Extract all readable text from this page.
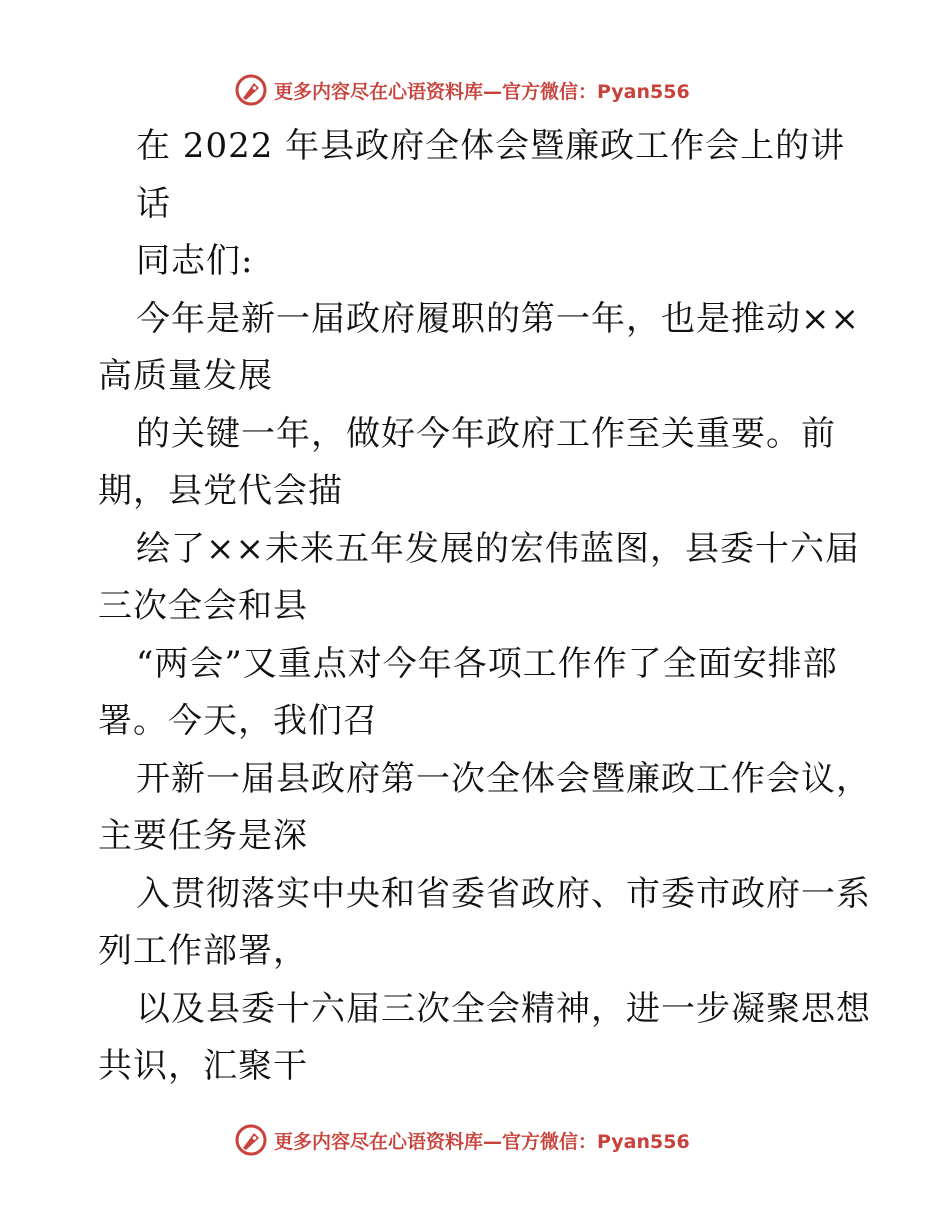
更多内容尽在心语资料库—官方微信：Pyan556
在 2022 年县政府全体会暨廉政工作会上的讲
话
同志们:
今年是新一届政府履职的第一年，也是推动××
高质量发展
的关键一年，做好今年政府工作至关重要。前
期，县党代会描
绘了××未来五年发展的宏伟蓝图，县委十六届
三次全会和县
“两会”又重点对今年各项工作作了全面安排部
署。今天，我们召
开新一届县政府第一次全体会暨廉政工作会议，
主要任务是深
入贯彻落实中央和省委省政府、市委市政府一系
列工作部署，
以及县委十六届三次全会精神，进一步凝聚思想
共识，汇聚干
更多内容尽在心语资料库—官方微信：Pyan556
